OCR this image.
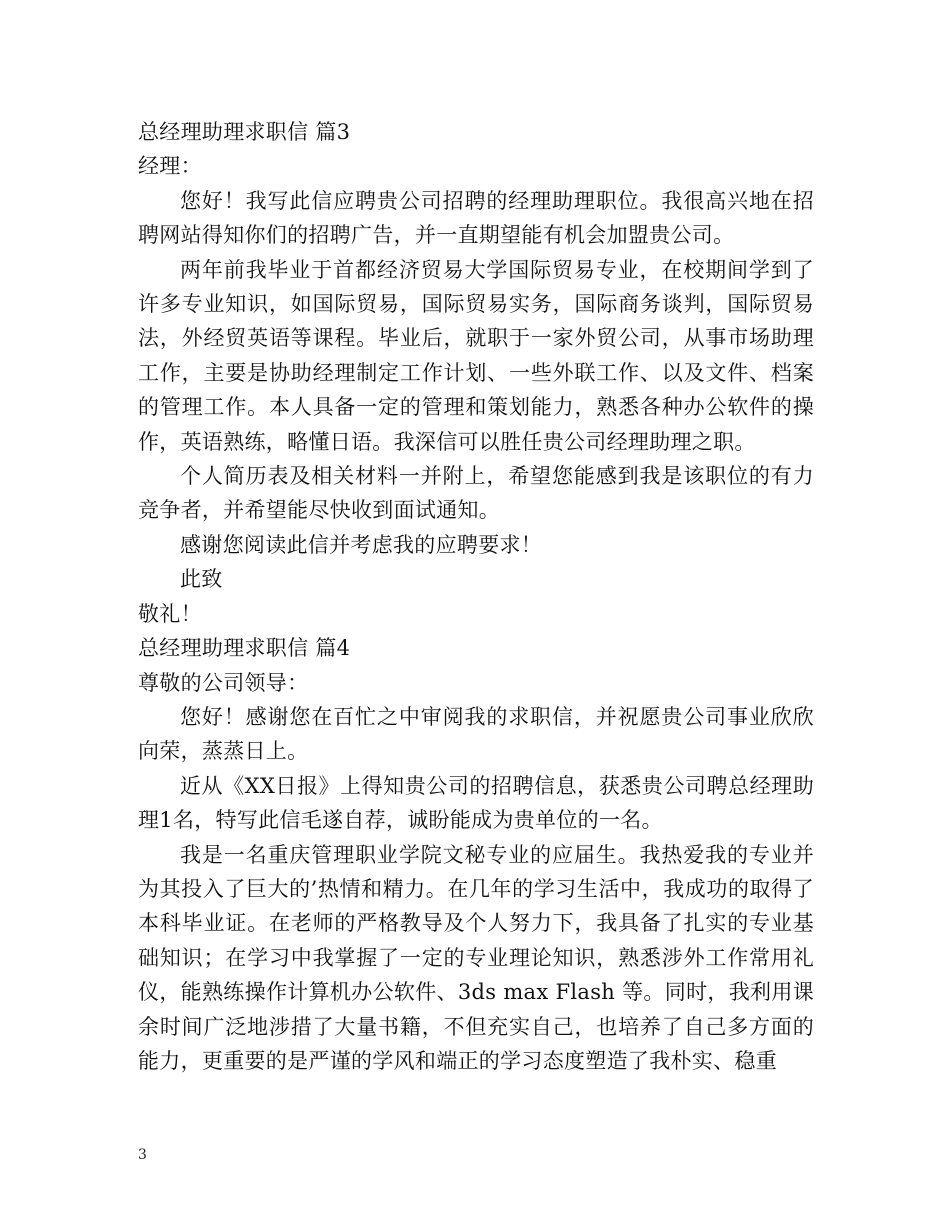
总经理助理求职信 篇3

经理：

您好！我写此信应聘贵公司招聘的经理助理职位。我很高兴地在招聘网站得知你们的招聘广告，并一直期望能有机会加盟贵公司。

两年前我毕业于首都经济贸易大学国际贸易专业，在校期间学到了许多专业知识，如国际贸易，国际贸易实务，国际商务谈判，国际贸易法，外经贸英语等课程。毕业后，就职于一家外贸公司，从事市场助理工作，主要是协助经理制定工作计划、一些外联工作、以及文件、档案的管理工作。本人具备一定的管理和策划能力，熟悉各种办公软件的操作，英语熟练，略懂日语。我深信可以胜任贵公司经理助理之职。

个人简历表及相关材料一并附上，希望您能感到我是该职位的有力竞争者，并希望能尽快收到面试通知。

感谢您阅读此信并考虑我的应聘要求！

此致

敬礼！

总经理助理求职信 篇4

尊敬的公司领导：

您好！感谢您在百忙之中审阅我的求职信，并祝愿贵公司事业欣欣向荣，蒸蒸日上。

近从《XX日报》上得知贵公司的招聘信息，获悉贵公司聘总经理助理1名，特写此信毛遂自荐，诚盼能成为贵单位的一名。

我是一名重庆管理职业学院文秘专业的应届生。我热爱我的专业并为其投入了巨大的’热情和精力。在几年的学习生活中，我成功的取得了本科毕业证。在老师的严格教导及个人努力下，我具备了扎实的专业基础知识；在学习中我掌握了一定的专业理论知识，熟悉涉外工作常用礼仪，能熟练操作计算机办公软件、3ds max Flash 等。同时，我利用课余时间广泛地涉措了大量书籍，不但充实自己，也培养了自己多方面的能力，更重要的是严谨的学风和端正的学习态度塑造了我朴实、稳重

3
